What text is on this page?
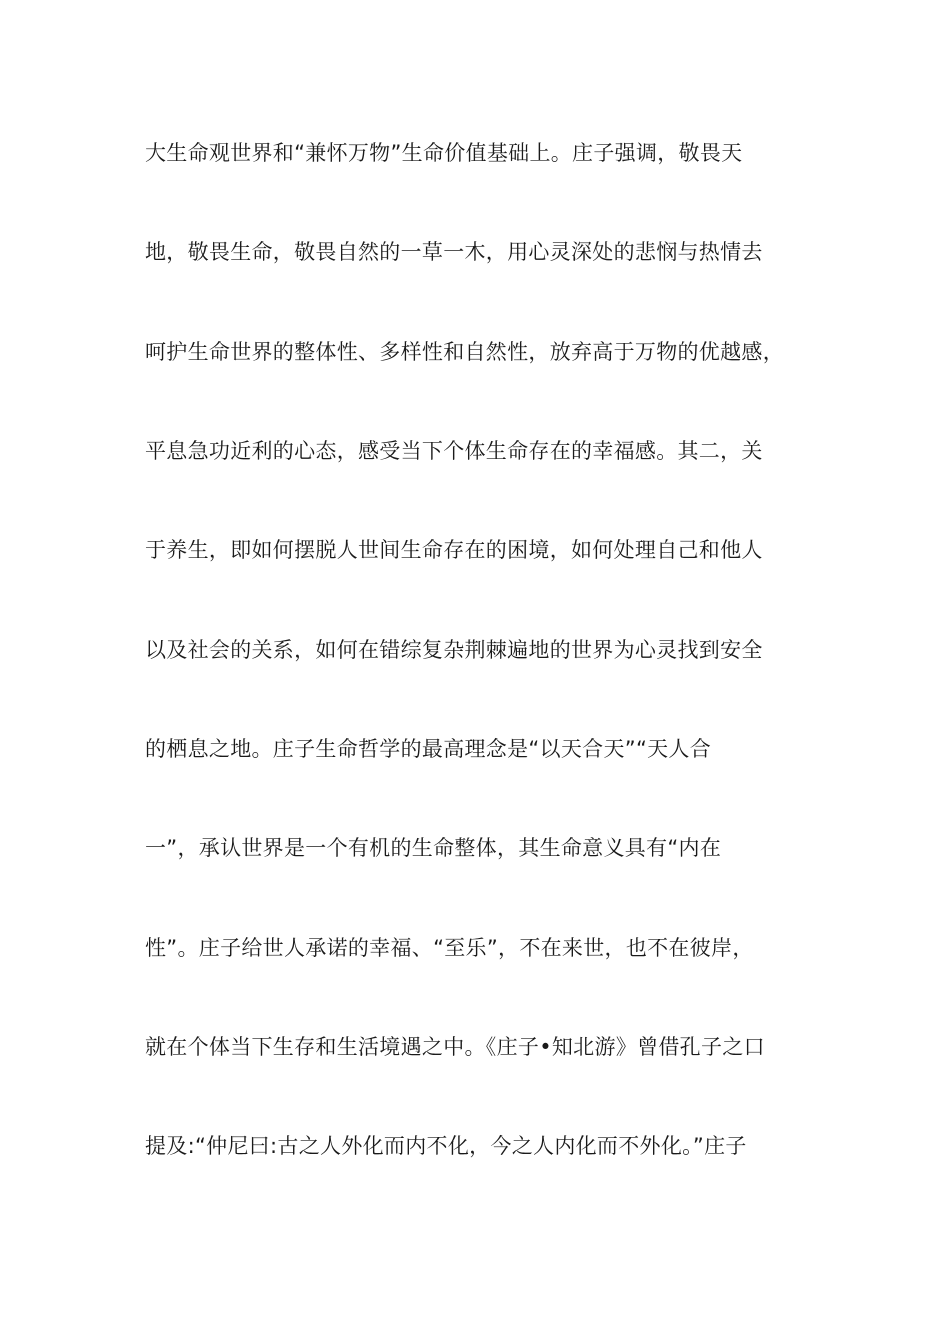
大生命观世界和“兼怀万物”生命价值基础上。庄子强调，敬畏天
地，敬畏生命，敬畏自然的一草一木，用心灵深处的悲悯与热情去
呵护生命世界的整体性、多样性和自然性，放弃高于万物的优越感，
平息急功近利的心态，感受当下个体生命存在的幸福感。其二，关
于养生，即如何摆脱人世间生命存在的困境，如何处理自己和他人
以及社会的关系，如何在错综复杂荆棘遍地的世界为心灵找到安全
的栖息之地。庄子生命哲学的最高理念是“以天合天”“天人合
一”，承认世界是一个有机的生命整体，其生命意义具有“内在
性”。庄子给世人承诺的幸福、“至乐”，不在来世，也不在彼岸，
就在个体当下生存和生活境遇之中。《庄子•知北游》曾借孔子之口
提及:“仲尼曰:古之人外化而内不化，今之人内化而不外化。”庄子
